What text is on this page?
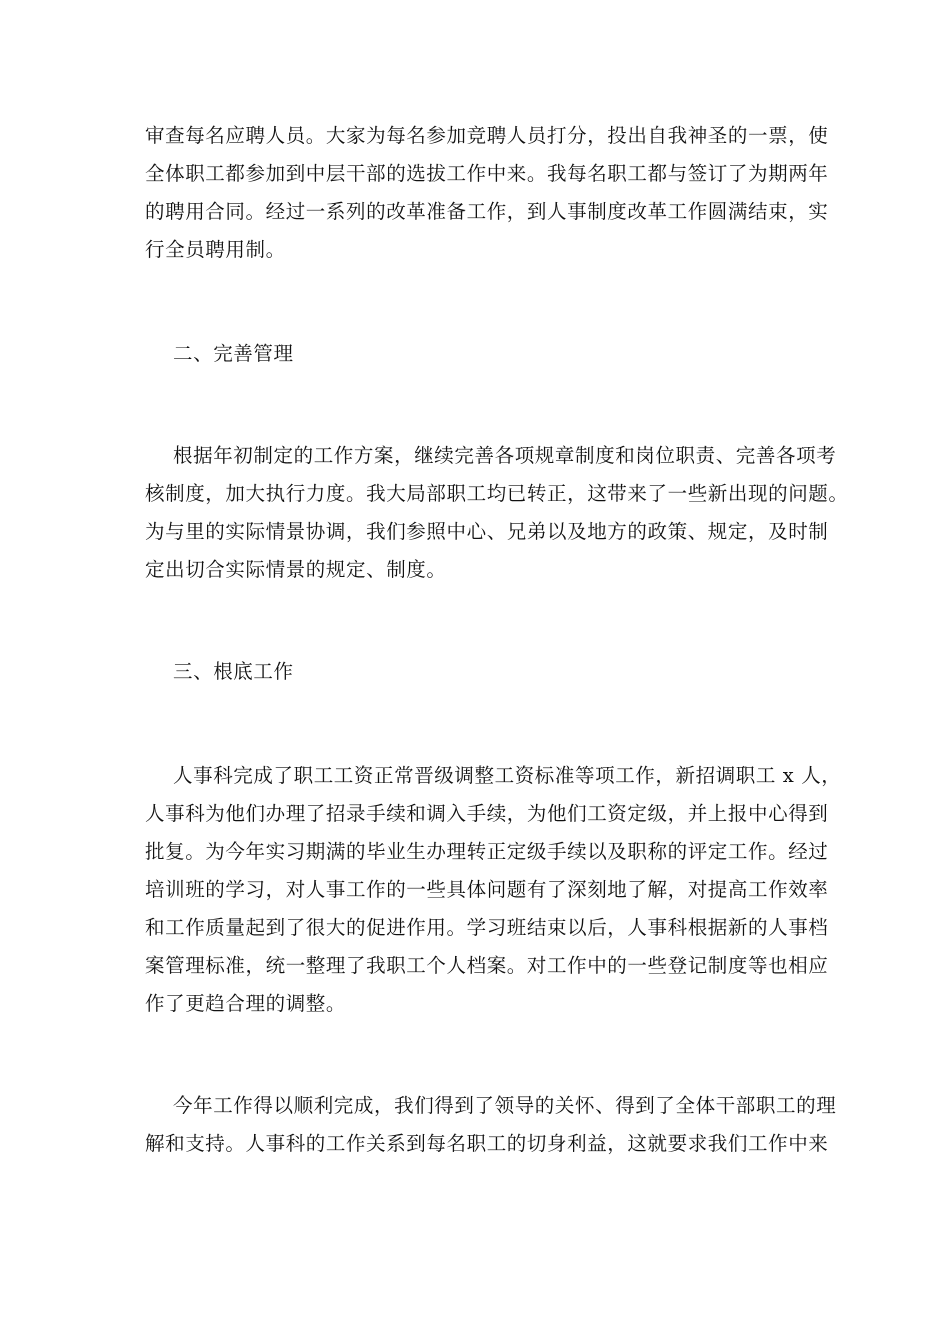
审查每名应聘人员。大家为每名参加竞聘人员打分，投出自我神圣的一票，使
全体职工都参加到中层干部的选拔工作中来。我每名职工都与签订了为期两年
的聘用合同。经过一系列的改革准备工作，到人事制度改革工作圆满结束，实
行全员聘用制。
二、完善管理
根据年初制定的工作方案，继续完善各项规章制度和岗位职责、完善各项考
核制度，加大执行力度。我大局部职工均已转正，这带来了一些新出现的问题。
为与里的实际情景协调，我们参照中心、兄弟以及地方的政策、规定，及时制
定出切合实际情景的规定、制度。
三、根底工作
人事科完成了职工工资正常晋级调整工资标准等项工作，新招调职工 x 人，
人事科为他们办理了招录手续和调入手续，为他们工资定级，并上报中心得到
批复。为今年实习期满的毕业生办理转正定级手续以及职称的评定工作。经过
培训班的学习，对人事工作的一些具体问题有了深刻地了解，对提高工作效率
和工作质量起到了很大的促进作用。学习班结束以后，人事科根据新的人事档
案管理标准，统一整理了我职工个人档案。对工作中的一些登记制度等也相应
作了更趋合理的调整。
今年工作得以顺利完成，我们得到了领导的关怀、得到了全体干部职工的理
解和支持。人事科的工作关系到每名职工的切身利益，这就要求我们工作中来
